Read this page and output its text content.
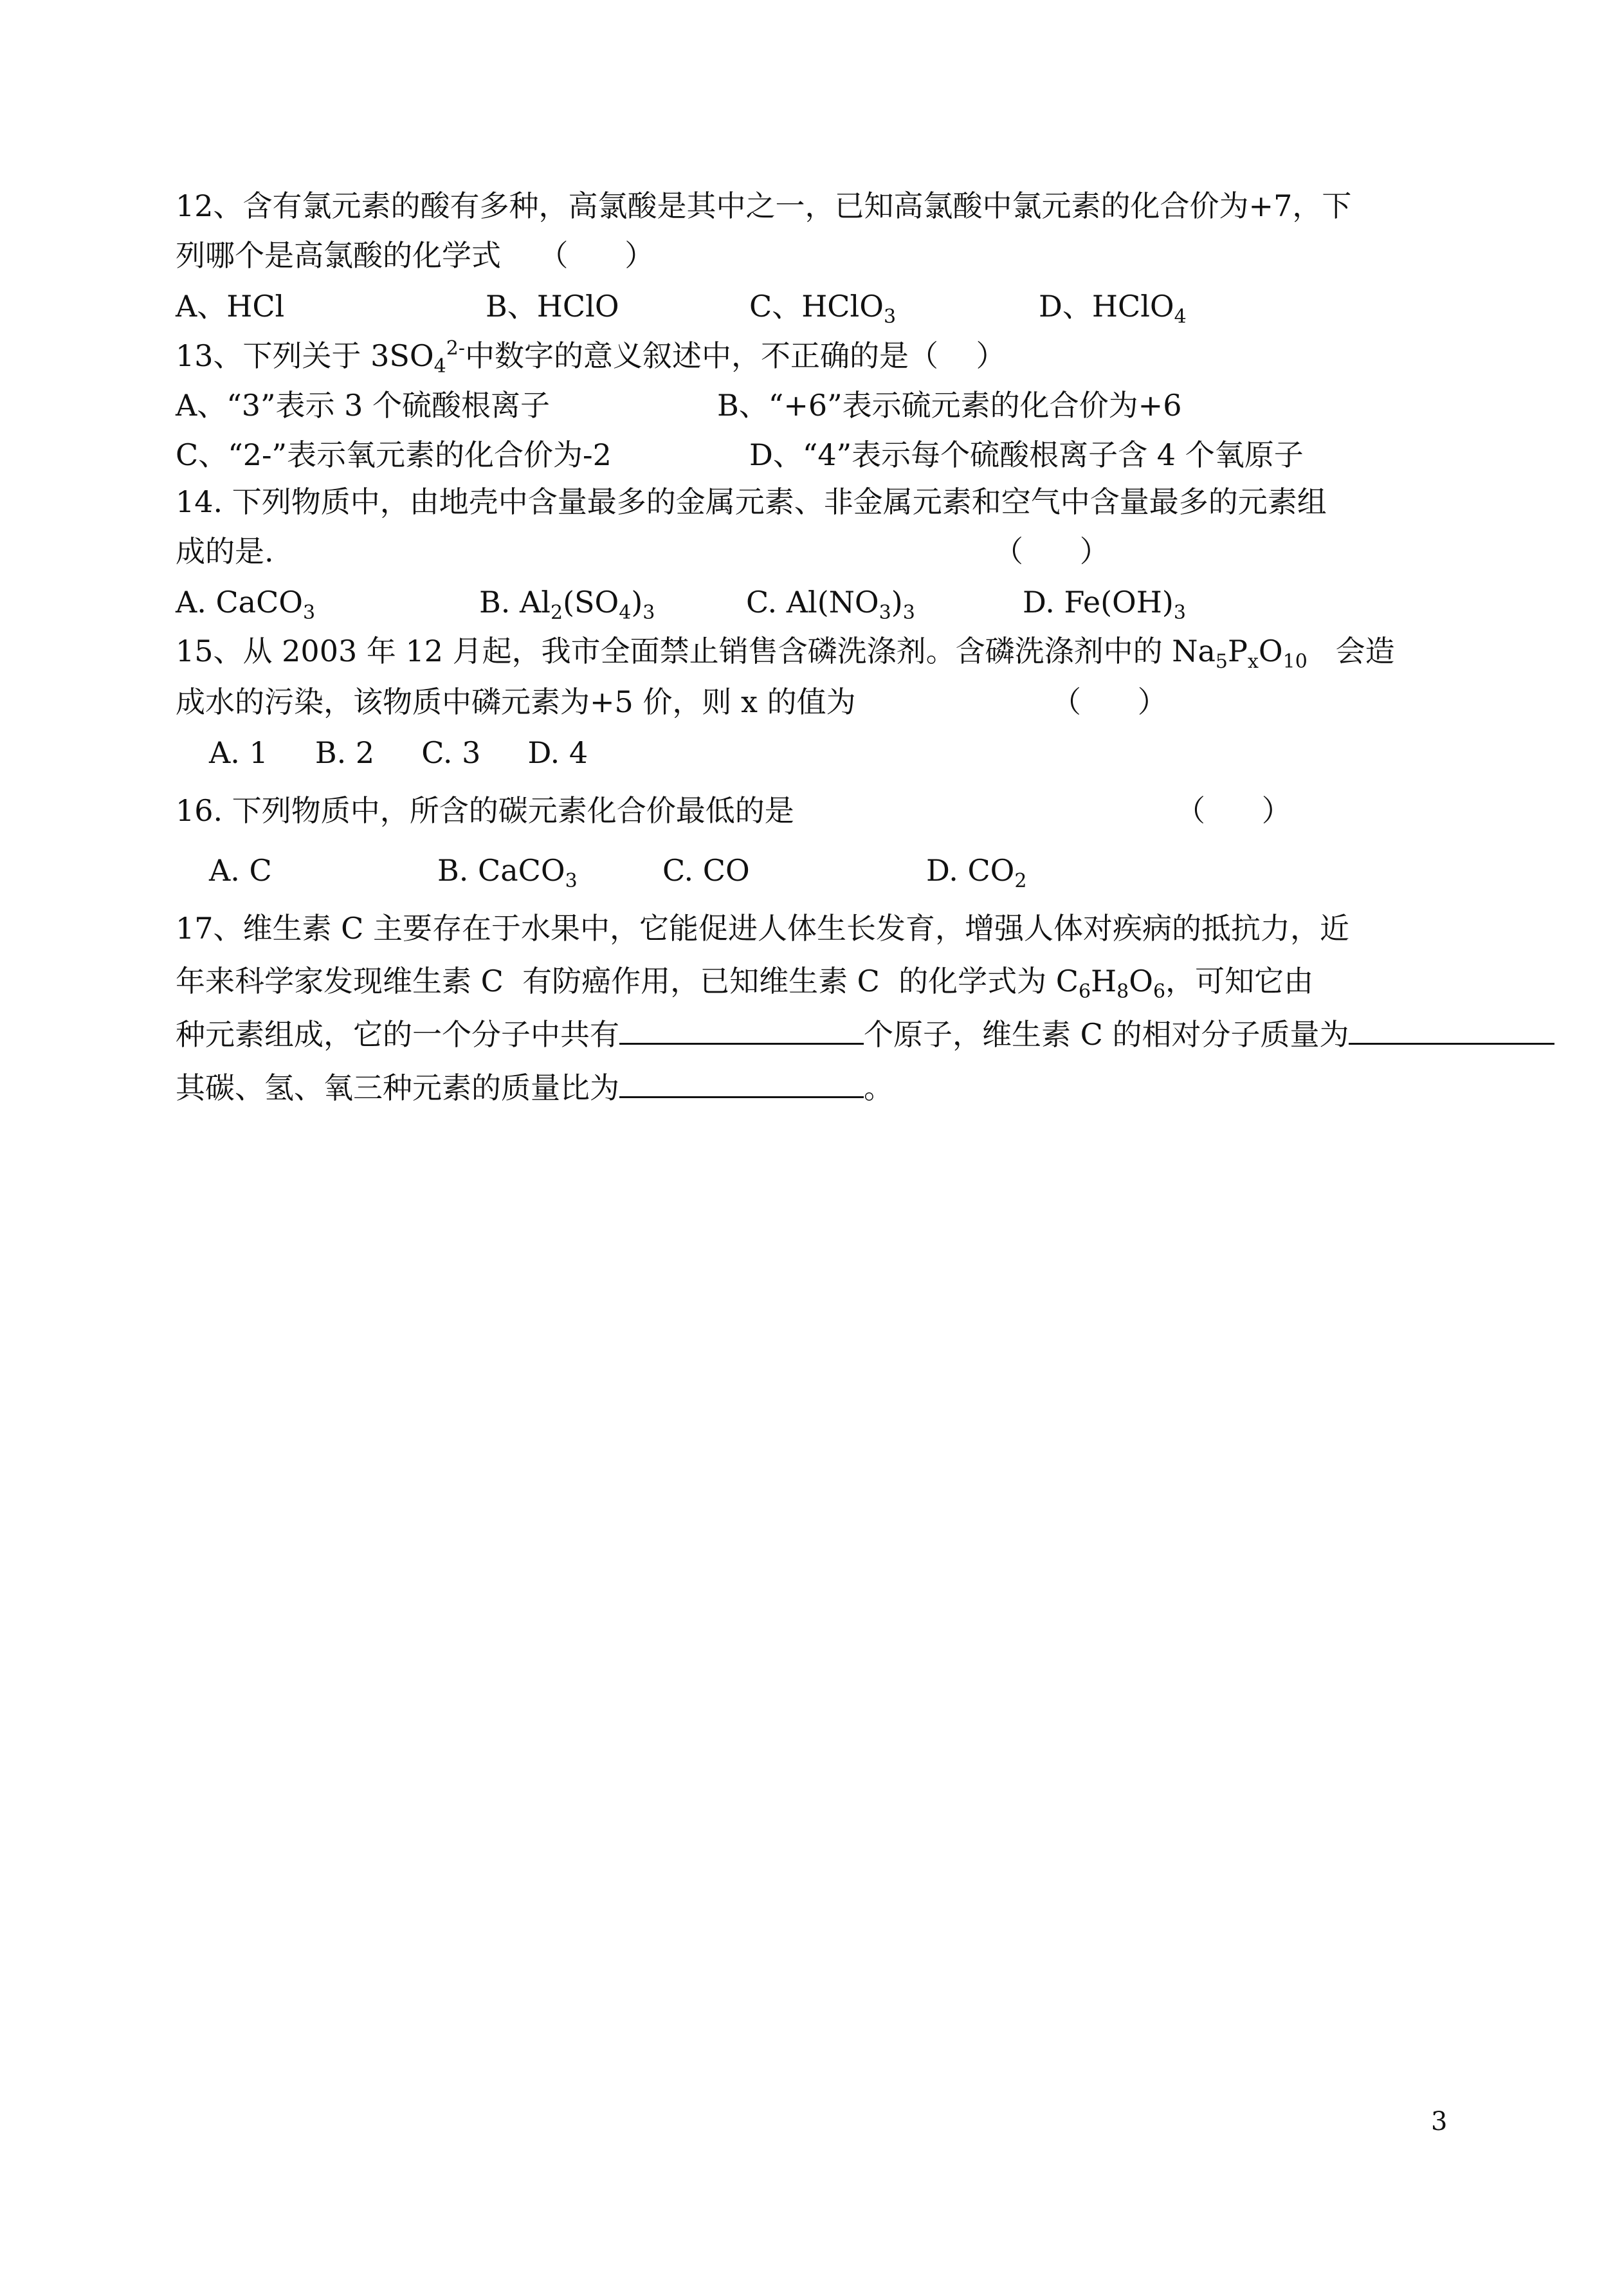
12、含有氯元素的酸有多种，高氯酸是其中之一，已知高氯酸中氯元素的化合价为+7，下
列哪个是高氯酸的化学式    （      ）
A、HCl	B、HClO	C、HClO$_3$	D、HClO$_4$
13、下列关于 $3SO_4^{2-}$中数字的意义叙述中，不正确的是（    ）
A、“3”表示 3 个硫酸根离子	B、“+6”表示硫元素的化合价为+6
C、“2-”表示氧元素的化合价为-2	D、“4”表示每个硫酸根离子含 4 个氧原子
14. 下列物质中，由地壳中含量最多的金属元素、非金属元素和空气中含量最多的元素组
成的是.	（      ）
A. CaCO$_3$	B. $Al_2(SO_4)_3$	C. $Al(NO_3)_3$	D. $Fe(OH)_3$
15、从 2003 年 12 月起，我市全面禁止销售含磷洗涤剂。含磷洗涤剂中的 $Na_5P_xO_{10}$   会造
成水的污染，该物质中磷元素为+5 价，则 x 的值为	（      ）
A. 1     B. 2     C. 3     D. 4
16. 下列物质中，所含的碳元素化合价最低的是	（      ）
A. C	B. CaCO$_3$	C. CO	D. $CO_2$
17、维生素 C 主要存在于水果中，它能促进人体生长发育，增强人体对疾病的抵抗力，近
年来科学家发现维生素 C  有防癌作用，已知维生素 C  的化学式为 $C_6H_8O_6$，可知它由
种元素组成，它的一个分子中共有	个原子，维生素 C 的相对分子质量为
其碳、氢、氧三种元素的质量比为	。
3
